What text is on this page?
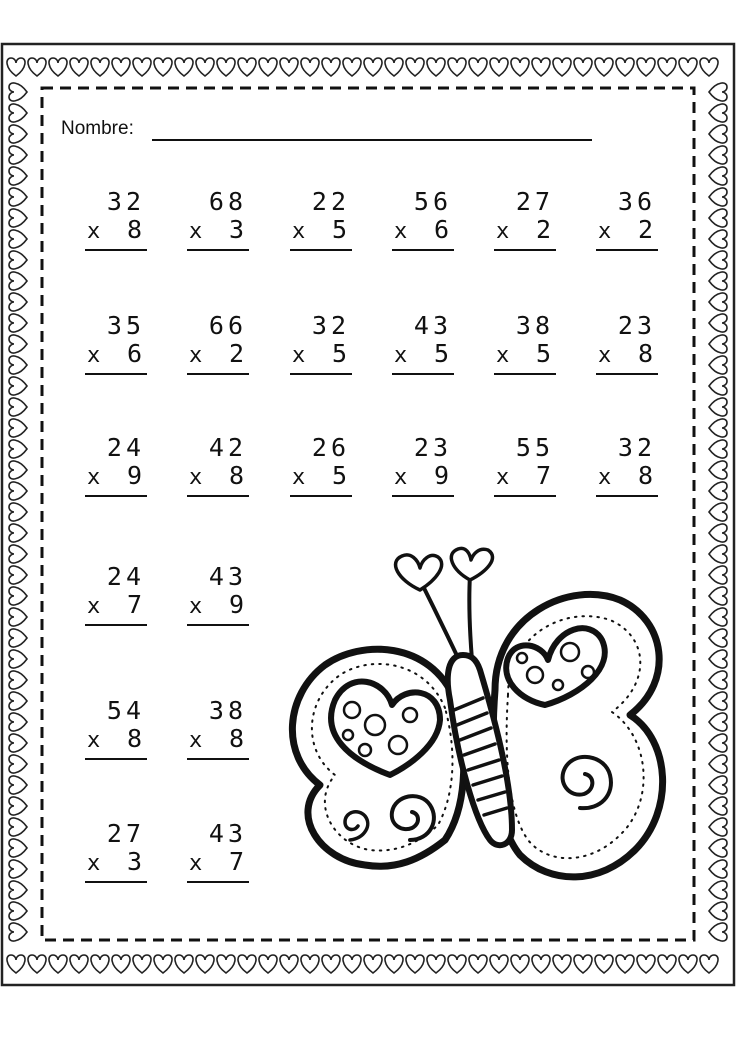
Nombre:
32
x 8
68
x 3
22
x 5
56
x 6
27
x 2
36
x 2
35
x 6
66
x 2
32
x 5
43
x 5
38
x 5
23
x 8
24
x 9
42
x 8
26
x 5
23
x 9
55
x 7
32
x 8
24
x 7
43
x 9
54
x 8
38
x 8
27
x 3
43
x 7
